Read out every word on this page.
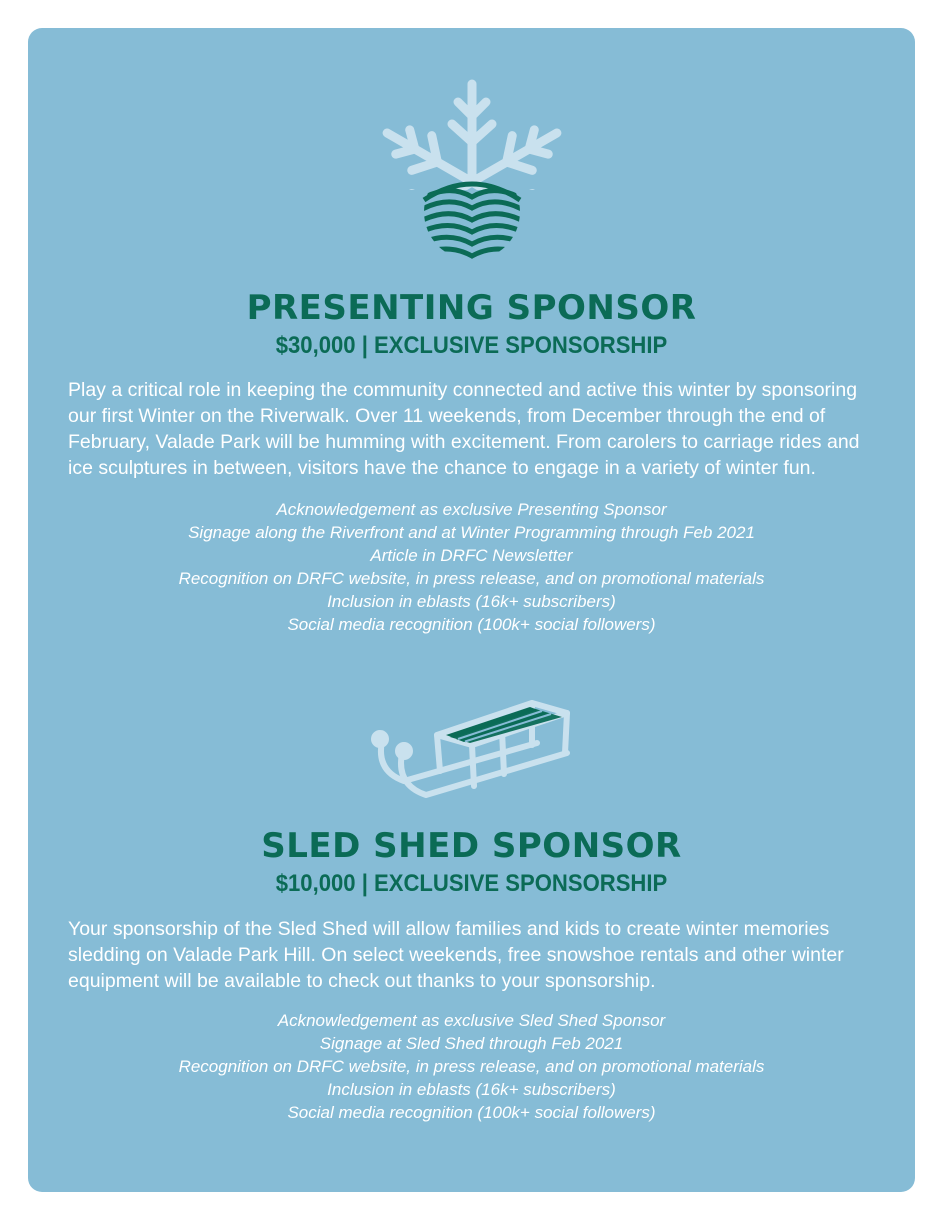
PRESENTING SPONSOR
$30,000 | EXCLUSIVE SPONSORSHIP
Play a critical role in keeping the community connected and active this winter by sponsoring our first Winter on the Riverwalk. Over 11 weekends, from December through the end of February, Valade Park will be humming with excitement. From carolers to carriage rides and ice sculptures in between, visitors have the chance to engage in a variety of winter fun.
Acknowledgement as exclusive Presenting Sponsor
Signage along the Riverfront and at Winter Programming through Feb 2021
Article in DRFC Newsletter
Recognition on DRFC website, in press release, and on promotional materials
Inclusion in eblasts (16k+ subscribers)
Social media recognition (100k+ social followers)
SLED SHED SPONSOR
$10,000 | EXCLUSIVE SPONSORSHIP
Your sponsorship of the Sled Shed will allow families and kids to create winter memories sledding on Valade Park Hill. On select weekends, free snowshoe rentals and other winter equipment will be available to check out thanks to your sponsorship.
Acknowledgement as exclusive Sled Shed Sponsor
Signage at Sled Shed through Feb 2021
Recognition on DRFC website, in press release, and on promotional materials
Inclusion in eblasts (16k+ subscribers)
Social media recognition (100k+ social followers)
